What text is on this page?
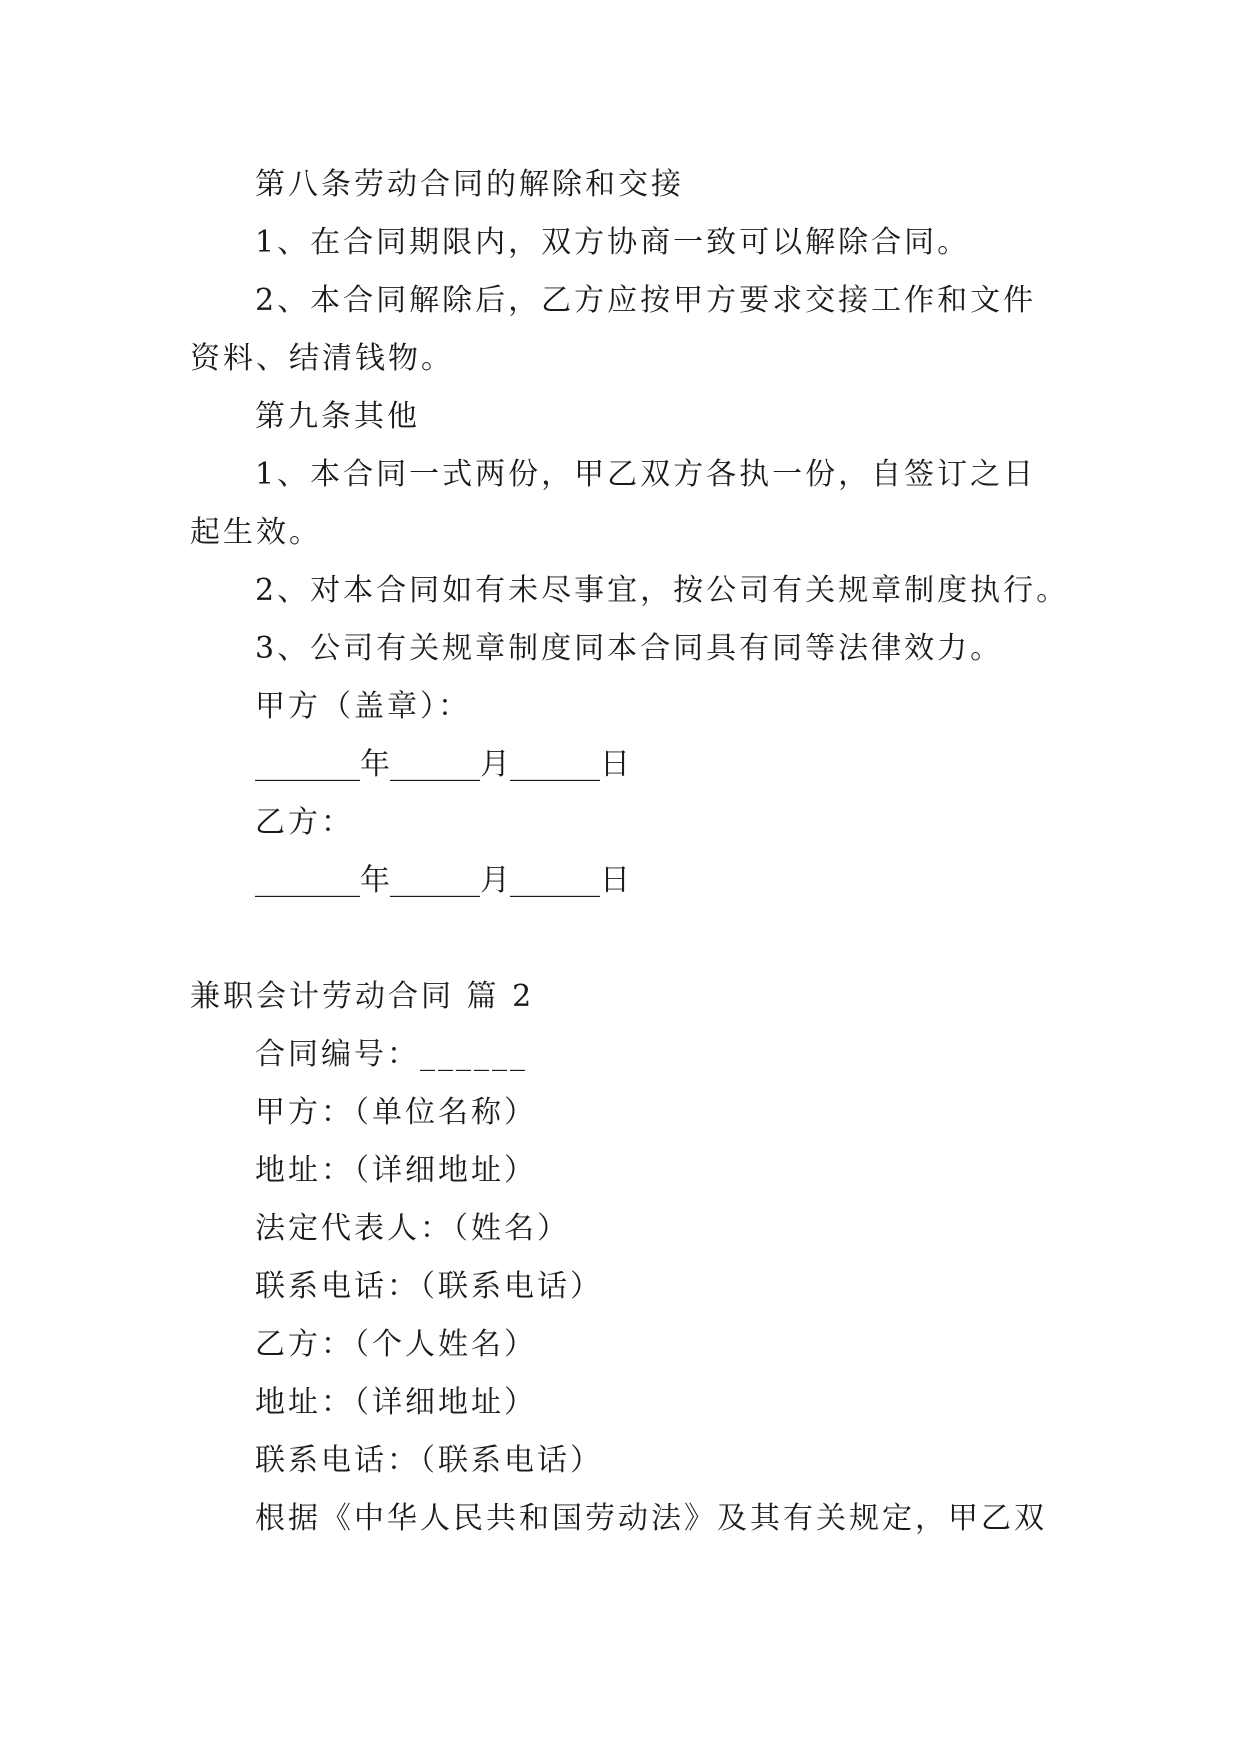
第八条劳动合同的解除和交接
1、在合同期限内，双方协商一致可以解除合同。
2、本合同解除后，乙方应按甲方要求交接工作和文件
资料、结清钱物。
第九条其他
1、本合同一式两份，甲乙双方各执一份，自签订之日
起生效。
2、对本合同如有未尽事宜，按公司有关规章制度执行。
3、公司有关规章制度同本合同具有同等法律效力。
甲方（盖章）：
_______年______月______日
乙方：
_______年______月______日
兼职会计劳动合同 篇 2
合同编号：______
甲方：（单位名称）
地址：（详细地址）
法定代表人：（姓名）
联系电话：（联系电话）
乙方：（个人姓名）
地址：（详细地址）
联系电话：（联系电话）
根据《中华人民共和国劳动法》及其有关规定，甲乙双
